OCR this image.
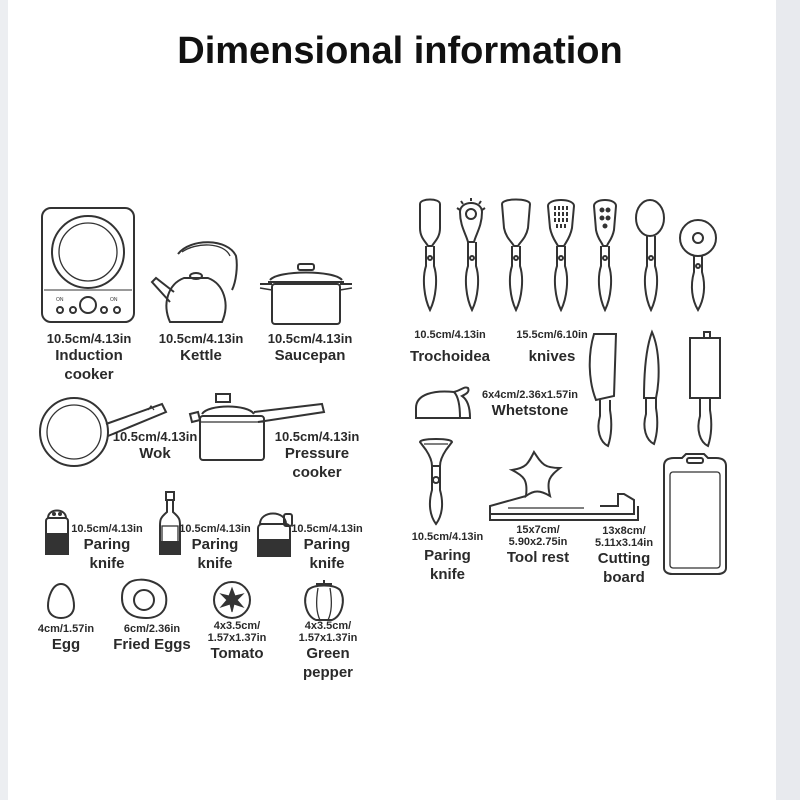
Dimensional information
ON	ON
10.5cm/4.13in
Induction
cooker
10.5cm/4.13in
Kettle
10.5cm/4.13in
Saucepan
10.5cm/4.13in
Wok
10.5cm/4.13in
Pressure
cooker
10.5cm/4.13in
Paring
knife
10.5cm/4.13in
Paring
knife
10.5cm/4.13in
Paring
knife
4cm/1.57in
Egg
6cm/2.36in
Fried Eggs
4x3.5cm/
1.57x1.37in
Tomato
4x3.5cm/
1.57x1.37in
Green
pepper
10.5cm/4.13in
Trochoidea
15.5cm/6.10in
knives
6x4cm/2.36x1.57in
Whetstone
10.5cm/4.13in
Paring
knife
15x7cm/
5.90x2.75in
Tool rest
13x8cm/
5.11x3.14in
Cutting
board
